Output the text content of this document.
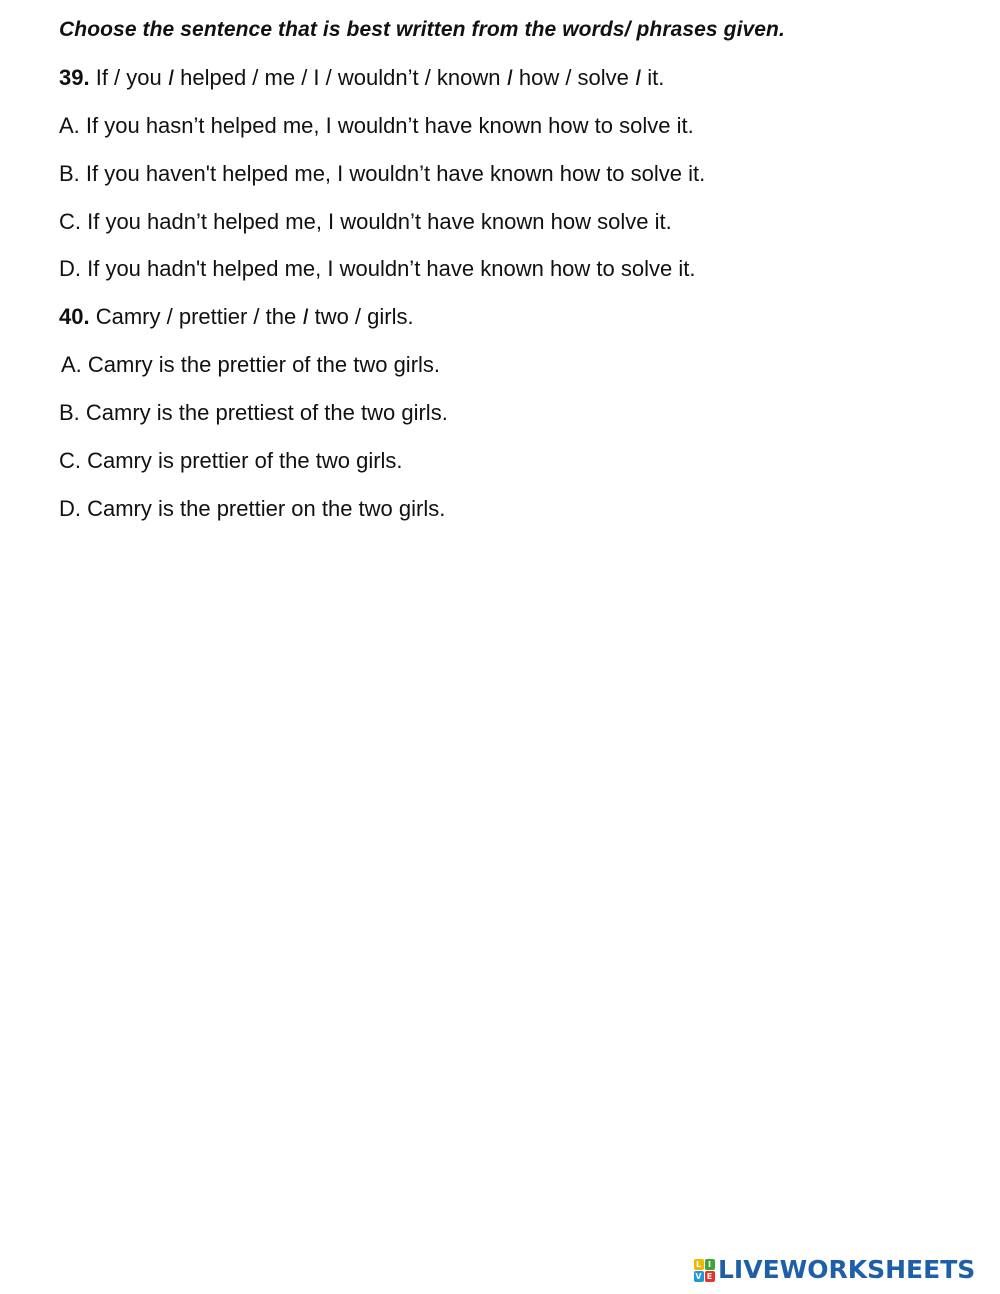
Choose the sentence that is best written from the words/ phrases given.
39. If / you I helped / me / I / wouldn’t / known I how / solve I it.
A. If you hasn’t helped me, I wouldn’t have known how to solve it.
B. If you haven't helped me, I wouldn’t have known how to solve it.
C. If you hadn’t helped me, I wouldn’t have known how solve it.
D. If you hadn't helped me, I wouldn’t have known how to solve it.
40. Camry / prettier / the I two / girls.
A. Camry is the prettier of the two girls.
B. Camry is the prettiest of the two girls.
C. Camry is prettier of the two girls.
D. Camry is the prettier on the two girls.
L I
V E LIVEWORKSHEETS
